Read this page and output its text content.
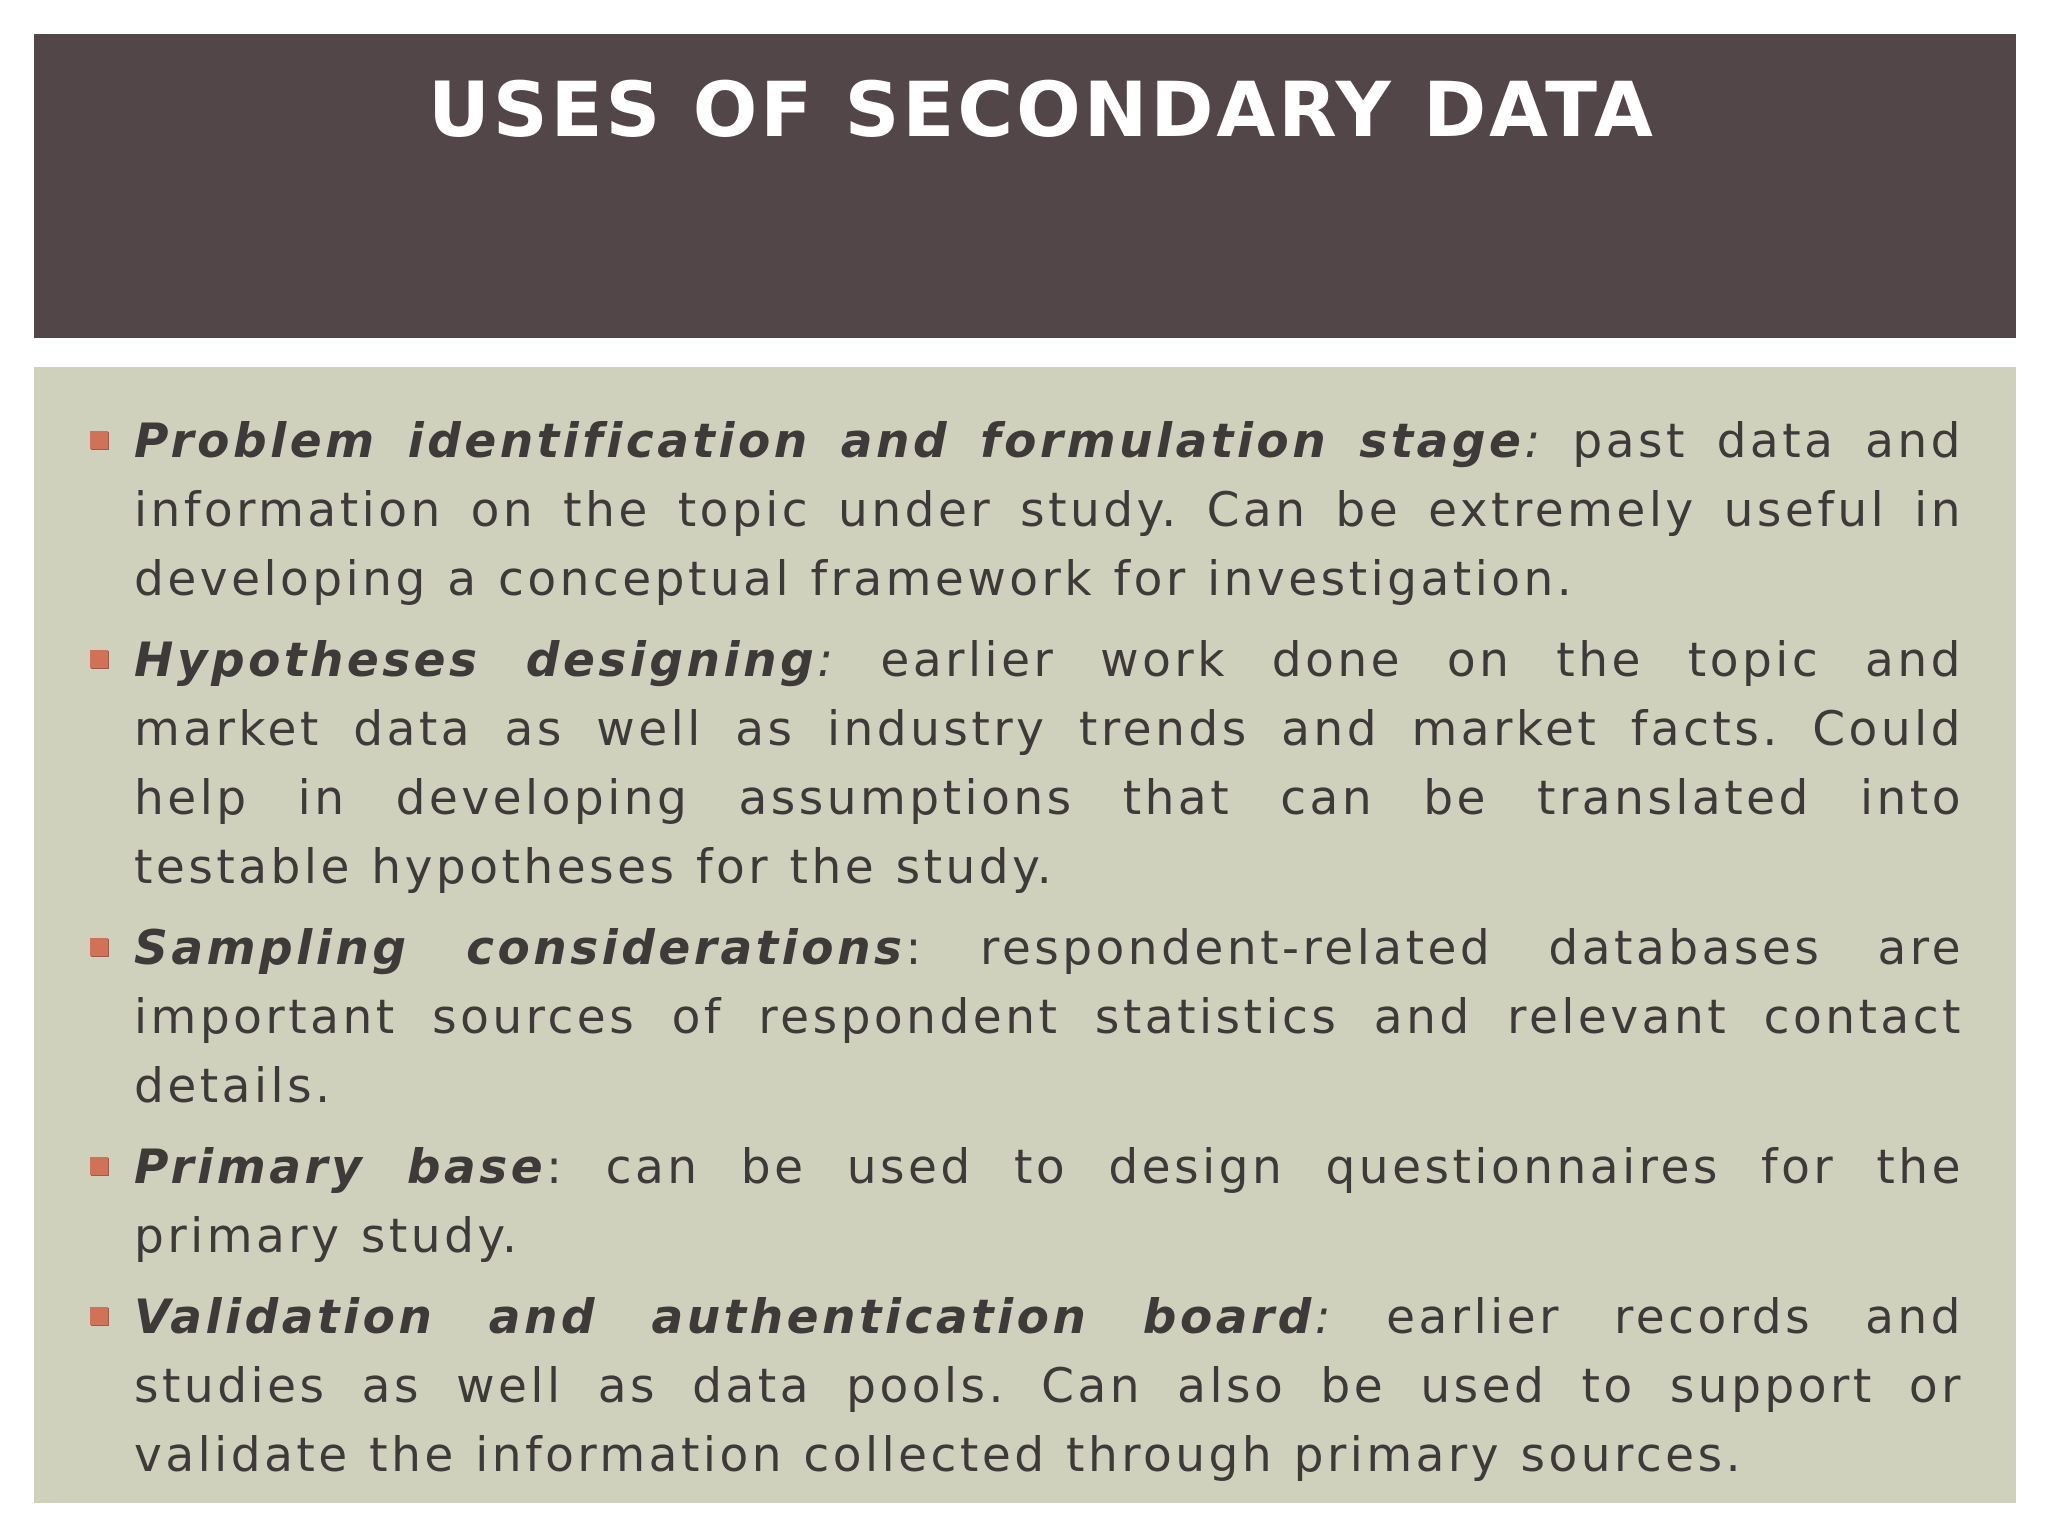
USES OF SECONDARY DATA
Problem identification and formulation stage: past data and information on the topic under study. Can be extremely useful in developing a conceptual framework for investigation.
Hypotheses designing: earlier work done on the topic and market data as well as industry trends and market facts. Could help in developing assumptions that can be translated into testable hypotheses for the study.
Sampling considerations: respondent-related databases are important sources of respondent statistics and relevant contact details.
Primary base: can be used to design questionnaires for the primary study.
Validation and authentication board: earlier records and studies as well as data pools. Can also be used to support or validate the information collected through primary sources.
